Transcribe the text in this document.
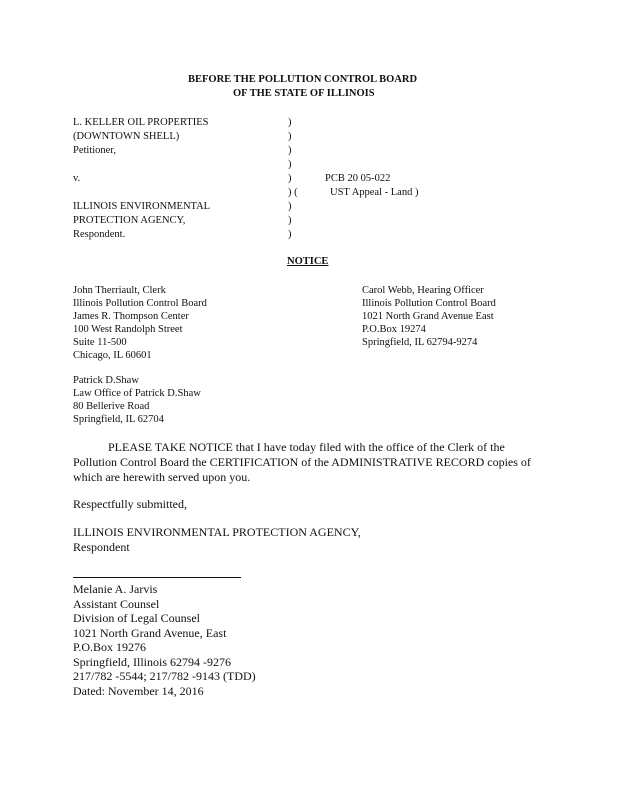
BEFORE THE POLLUTION CONTROL BOARD
OF THE STATE OF ILLINOIS
L. KELLER OIL PROPERTIES
(DOWNTOWN SHELL)
Petitioner,

v.

ILLINOIS ENVIRONMENTAL
PROTECTION AGENCY,
Respondent.
)
)
)
)
)
) (
)
)
)
PCB 20 05-022
UST Appeal - Land )
NOTICE
John Therriault, Clerk
Illinois Pollution Control Board
James R. Thompson Center
100 West Randolph Street
Suite 11-500
Chicago, IL 60601
Carol Webb, Hearing Officer
Illinois Pollution Control Board
1021 North Grand Avenue East
P.O.Box 19274
Springfield, IL 62794-9274
Patrick D.Shaw
Law Office of Patrick D.Shaw
80 Bellerive Road
Springfield, IL 62704
PLEASE TAKE NOTICE that I have today filed with the office of the Clerk of the
Pollution Control Board the CERTIFICATION of the ADMINISTRATIVE RECORD copies of
which are herewith served upon you.
Respectfully submitted,
ILLINOIS ENVIRONMENTAL PROTECTION AGENCY,
Respondent
Melanie A. Jarvis
Assistant Counsel
Division of Legal Counsel
1021 North Grand Avenue, East
P.O.Box 19276
Springfield, Illinois 62794 -9276
217/782 -5544; 217/782 -9143 (TDD)
Dated: November 14, 2016
